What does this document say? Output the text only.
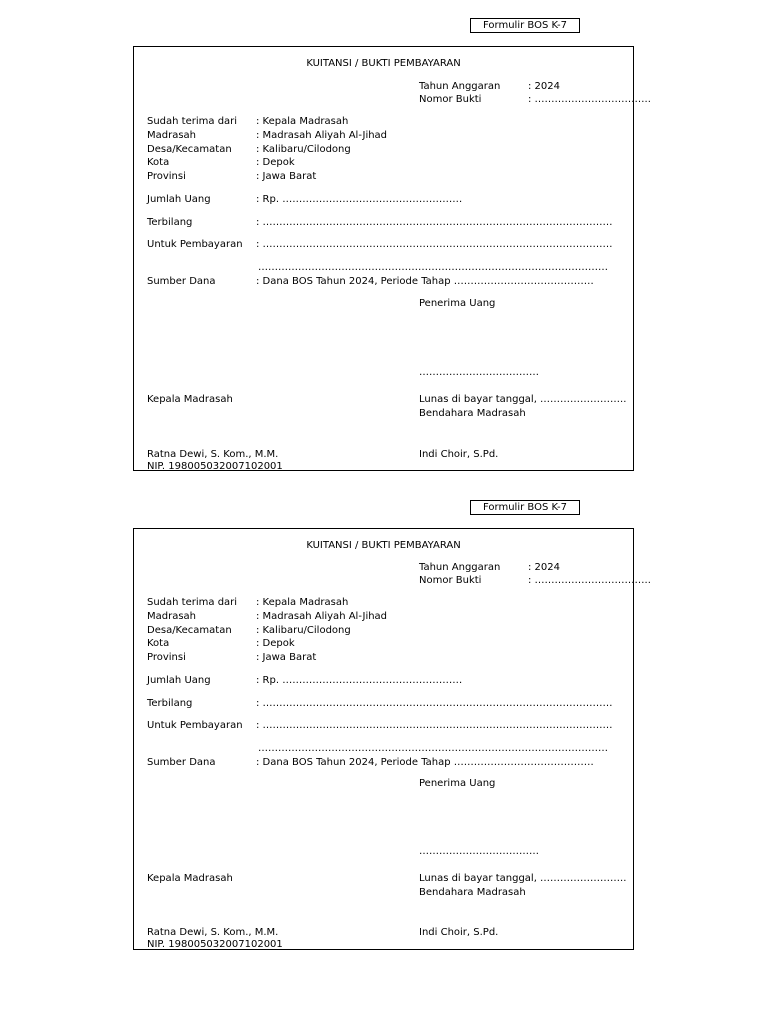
Formulir BOS K-7
KUITANSI / BUKTI PEMBAYARAN
Tahun Anggaran	: 2024
Nomor Bukti	: ……………………………..
Sudah terima dari : Kepala Madrasah
Madrasah	: Madrasah Aliyah Al-Jihad
Desa/Kecamatan : Kalibaru/Cilodong
Kota	: Depok
Provinsi	: Jawa Barat
Jumlah Uang	: Rp. ………………………………………………
Terbilang	: ……………………………………………………………………………………………
Untuk Pembayaran : ……………………………………………………………………………………………
……………………………………………………………………………………………
Sumber Dana	: Dana BOS Tahun 2024, Periode Tahap ……………………………………
Penerima Uang
………………………………
Kepala Madrasah	Lunas di bayar tanggal, ……………………..
Bendahara Madrasah
Ratna Dewi, S. Kom., M.M.
NIP. 198005032007102001
Indi Choir, S.Pd.
Formulir BOS K-7
KUITANSI / BUKTI PEMBAYARAN
Tahun Anggaran	: 2024
Nomor Bukti	: ……………………………..
Sudah terima dari : Kepala Madrasah
Madrasah	: Madrasah Aliyah Al-Jihad
Desa/Kecamatan : Kalibaru/Cilodong
Kota	: Depok
Provinsi	: Jawa Barat
Jumlah Uang	: Rp. ………………………………………………
Terbilang	: ……………………………………………………………………………………………
Untuk Pembayaran : ……………………………………………………………………………………………
……………………………………………………………………………………………
Sumber Dana	: Dana BOS Tahun 2024, Periode Tahap ……………………………………
Penerima Uang
………………………………
Kepala Madrasah	Lunas di bayar tanggal, ……………………..
Bendahara Madrasah
Ratna Dewi, S. Kom., M.M.
NIP. 198005032007102001
Indi Choir, S.Pd.
